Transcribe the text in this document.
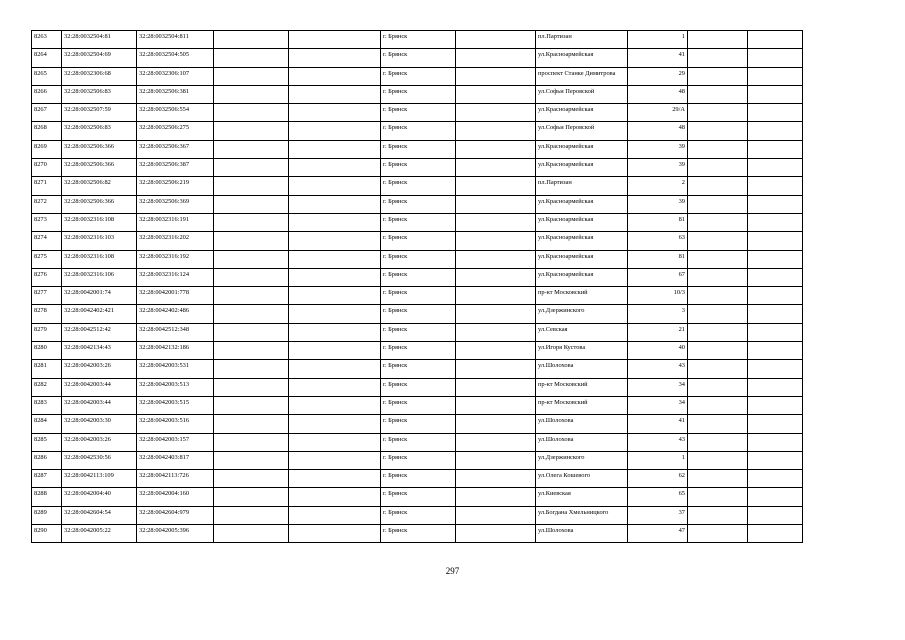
8263	32:28:0032504:81	32:28:0032504:811			г. Брянск		пл.Партизан	1		
8264	32:28:0032504:69	32:28:0032504:505			г. Брянск		ул.Красноармейская	41		
8265	32:28:0032306:68	32:28:0032306:107			г. Брянск		проспект Станке Димитрова	29		
8266	32:28:0032506:83	32:28:0032506:381			г. Брянск		ул.Софьи Перовской	48		
8267	32:28:0032507:59	32:28:0032506:554			г. Брянск		ул.Красноармейская	29/А		
8268	32:28:0032506:83	32:28:0032506:275			г. Брянск		ул.Софьи Перовской	48		
8269	32:28:0032506:366	32:28:0032506:367			г. Брянск		ул.Красноармейская	39		
8270	32:28:0032506:366	32:28:0032506:387			г. Брянск		ул.Красноармейская	39		
8271	32:28:0032506:82	32:28:0032506:219			г. Брянск		пл.Партизан	2		
8272	32:28:0032506:366	32:28:0032506:369			г. Брянск		ул.Красноармейская	39		
8273	32:28:0032316:108	32:28:0032316:191			г. Брянск		ул.Красноармейская	81		
8274	32:28:0032316:103	32:28:0032316:202			г. Брянск		ул.Красноармейская	63		
8275	32:28:0032316:108	32:28:0032316:192			г. Брянск		ул.Красноармейская	81		
8276	32:28:0032316:106	32:28:0032316:124			г. Брянск		ул.Красноармейская	67		
8277	32:28:0042001:74	32:28:0042001:778			г. Брянск		пр-кт Московский	10/3		
8278	32:28:0042402:421	32:28:0042402:486			г. Брянск		ул.Дзержинского	3		
8279	32:28:0042512:42	32:28:0042512:348			г. Брянск		ул.Севская	21		
8280	32:28:0042134:43	32:28:0042132:186			г. Брянск		ул.Игоря Кустова	40		
8281	32:28:0042003:26	32:28:0042003:531			г. Брянск		ул.Шолохова	43		
8282	32:28:0042003:44	32:28:0042003:513			г. Брянск		пр-кт Московский	34		
8283	32:28:0042003:44	32:28:0042003:515			г. Брянск		пр-кт Московский	34		
8284	32:28:0042003:30	32:28:0042003:516			г. Брянск		ул.Шолохова	41		
8285	32:28:0042003:26	32:28:0042003:157			г. Брянск		ул.Шолохова	43		
8286	32:28:0042530:56	32:28:0042403:817			г. Брянск		ул.Дзержинского	1		
8287	32:28:0042113:109	32:28:0042113:726			г. Брянск		ул.Олега Кошевого	62		
8288	32:28:0042004:40	32:28:0042004:160			г. Брянск		ул.Киевская	65		
8289	32:28:0042604:54	32:28:0042604:979			г. Брянск		ул.Богдана Хмельницкого	37		
8290	32:28:0042005:22	32:28:0042005:396			г. Брянск		ул.Шолохова	47		
297
